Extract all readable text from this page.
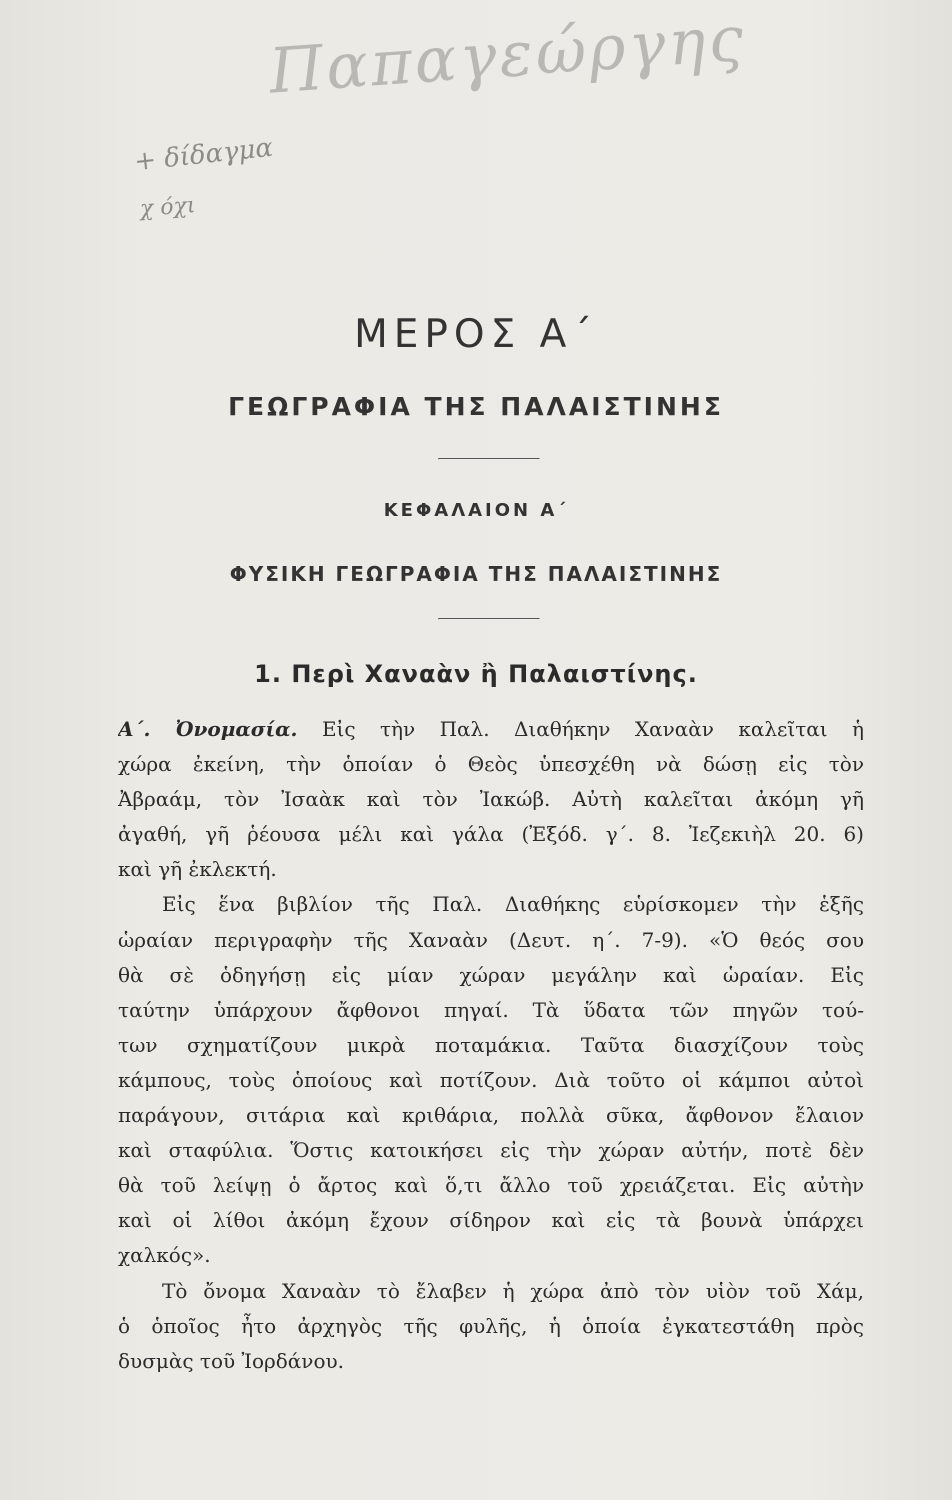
Παπαγεώργης

+ δίδαγμα

χ όχι

ΜΕΡΟΣ Α΄
ΓΕΩΓΡΑΦΙΑ ΤΗΣ ΠΑΛΑΙΣΤΙΝΗΣ
ΚΕΦΑΛΑΙΟΝ Α΄
ΦΥΣΙΚΗ ΓΕΩΓΡΑΦΙΑ ΤΗΣ ΠΑΛΑΙΣΤΙΝΗΣ
1. Περὶ Χαναὰν ἢ Παλαιστίνης.

Α΄. Ὀνομασία. Εἰς τὴν Παλ. Διαθήκην Χαναὰν καλεῖται ἡ

χώρα ἐκείνη, τὴν ὁποίαν ὁ Θεὸς ὑπεσχέθη νὰ δώσῃ εἰς τὸν

Ἀβραάμ, τὸν Ἰσαὰκ καὶ τὸν Ἰακώβ. Αὐτὴ καλεῖται ἀκόμη γῆ

ἀγαθή, γῆ ῥέουσα μέλι καὶ γάλα (Ἐξόδ. γ΄. 8. Ἰεζεκιὴλ 20. 6)

καὶ γῆ ἐκλεκτή.

Εἰς ἕνα βιβλίον τῆς Παλ. Διαθήκης εὑρίσκομεν τὴν ἑξῆς

ὡραίαν περιγραφὴν τῆς Χαναὰν (Δευτ. η΄. 7-9). «Ὁ θεός σου

θὰ σὲ ὁδηγήσῃ εἰς μίαν χώραν μεγάλην καὶ ὡραίαν. Εἰς

ταύτην ὑπάρχουν ἄφθονοι πηγαί. Τὰ ὕδατα τῶν πηγῶν τού-

των σχηματίζουν μικρὰ ποταμάκια. Ταῦτα διασχίζουν τοὺς

κάμπους, τοὺς ὁποίους καὶ ποτίζουν. Διὰ τοῦτο οἱ κάμποι αὐτοὶ

παράγουν, σιτάρια καὶ κριθάρια, πολλὰ σῦκα, ἄφθονον ἔλαιον

καὶ σταφύλια. Ὅστις κατοικήσει εἰς τὴν χώραν αὐτήν, ποτὲ δὲν

θὰ τοῦ λείψῃ ὁ ἄρτος καὶ ὅ,τι ἄλλο τοῦ χρειάζεται. Εἰς αὐτὴν

καὶ οἱ λίθοι ἀκόμη ἔχουν σίδηρον καὶ εἰς τὰ βουνὰ ὑπάρχει

χαλκός».

Τὸ ὄνομα Χαναὰν τὸ ἔλαβεν ἡ χώρα ἀπὸ τὸν υἱὸν τοῦ Χάμ,

ὁ ὁποῖος ἦτο ἀρχηγὸς τῆς φυλῆς, ἡ ὁποία ἐγκατεστάθη πρὸς

δυσμὰς τοῦ Ἰορδάνου.
